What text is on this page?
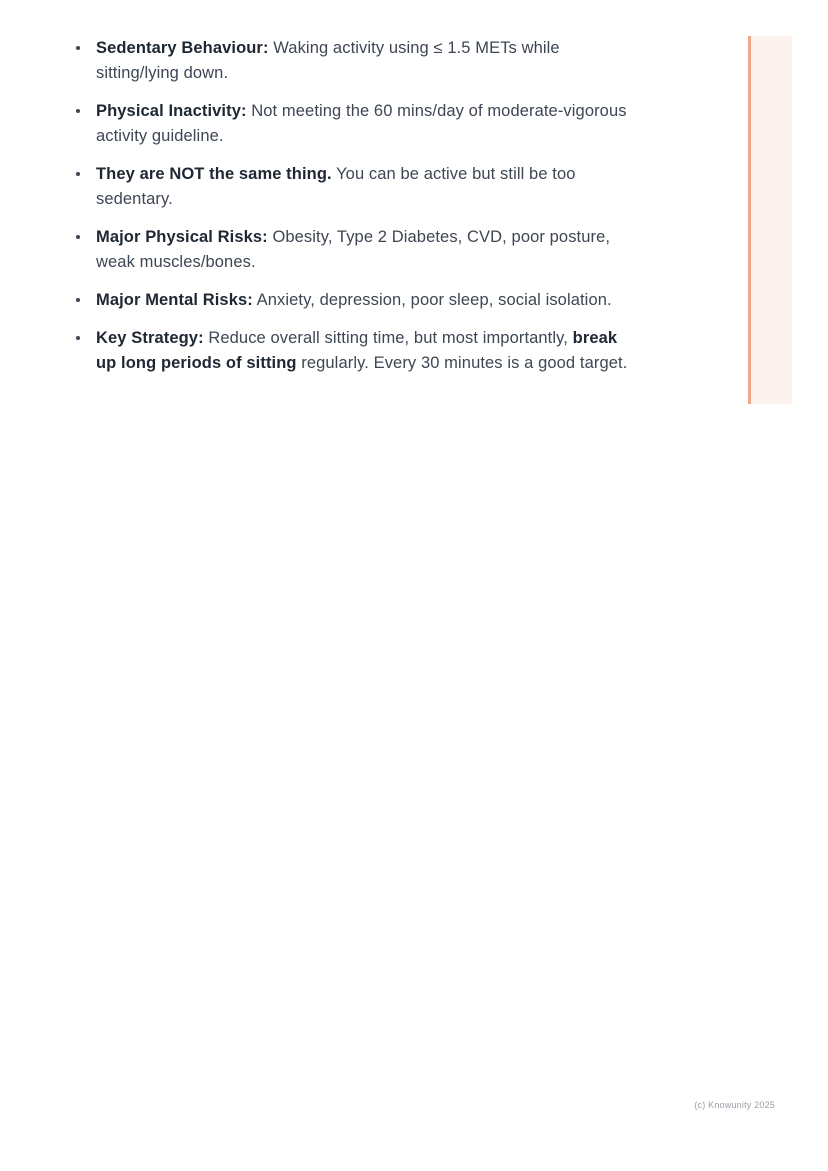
Sedentary Behaviour: Waking activity using ≤ 1.5 METs while sitting/lying down.
Physical Inactivity: Not meeting the 60 mins/day of moderate-vigorous activity guideline.
They are NOT the same thing. You can be active but still be too sedentary.
Major Physical Risks: Obesity, Type 2 Diabetes, CVD, poor posture, weak muscles/bones.
Major Mental Risks: Anxiety, depression, poor sleep, social isolation.
Key Strategy: Reduce overall sitting time, but most importantly, break up long periods of sitting regularly. Every 30 minutes is a good target.
(c) Knowunity 2025
